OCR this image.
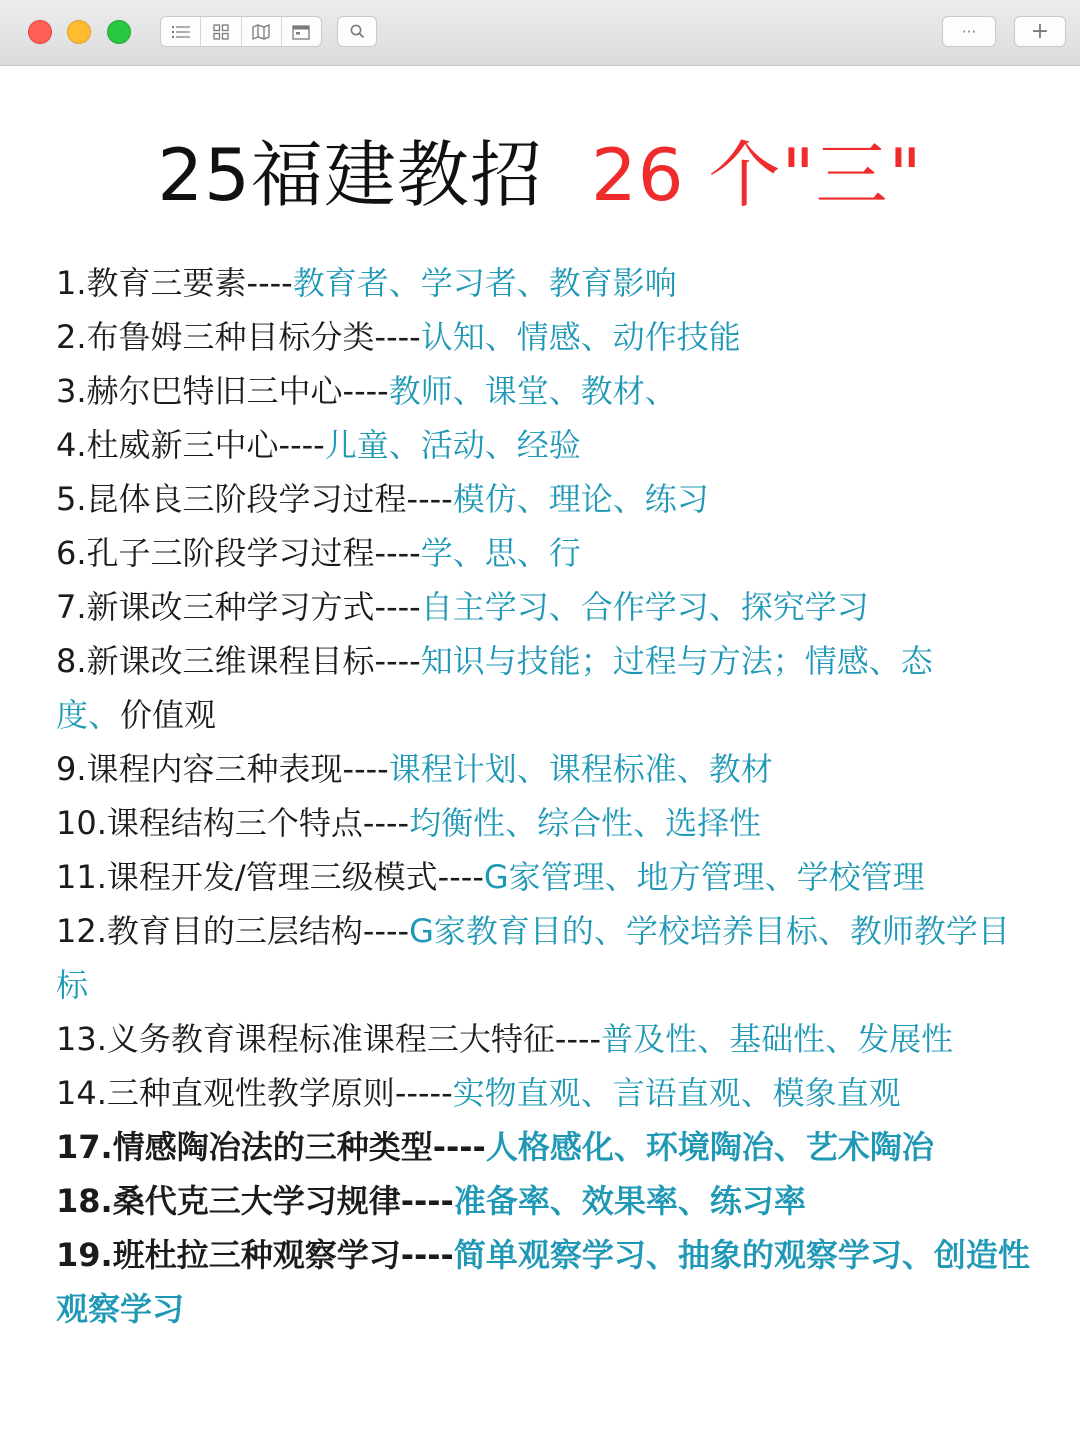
···	+
25福建教招 26 个"三"

1.教育三要素----教育者、学习者、教育影响

2.布鲁姆三种目标分类----认知、情感、动作技能

3.赫尔巴特旧三中心----教师、课堂、教材、

4.杜威新三中心----儿童、活动、经验

5.昆体良三阶段学习过程----模仿、理论、练习

6.孔子三阶段学习过程----学、思、行

7.新课改三种学习方式----自主学习、合作学习、探究学习

8.新课改三维课程目标----知识与技能；过程与方法；情感、态
度、价值观

9.课程内容三种表现----课程计划、课程标准、教材

10.课程结构三个特点----均衡性、综合性、选择性

11.课程开发/管理三级模式----G家管理、地方管理、学校管理

12.教育目的三层结构----G家教育目的、学校培养目标、教师教学目标

13.义务教育课程标准课程三大特征----普及性、基础性、发展性

14.三种直观性教学原则-----实物直观、言语直观、模象直观

17.情感陶冶法的三种类型----人格感化、环境陶冶、艺术陶冶

18.桑代克三大学习规律----准备率、效果率、练习率

19.班杜拉三种观察学习----简单观察学习、抽象的观察学习、创造性观察学习
